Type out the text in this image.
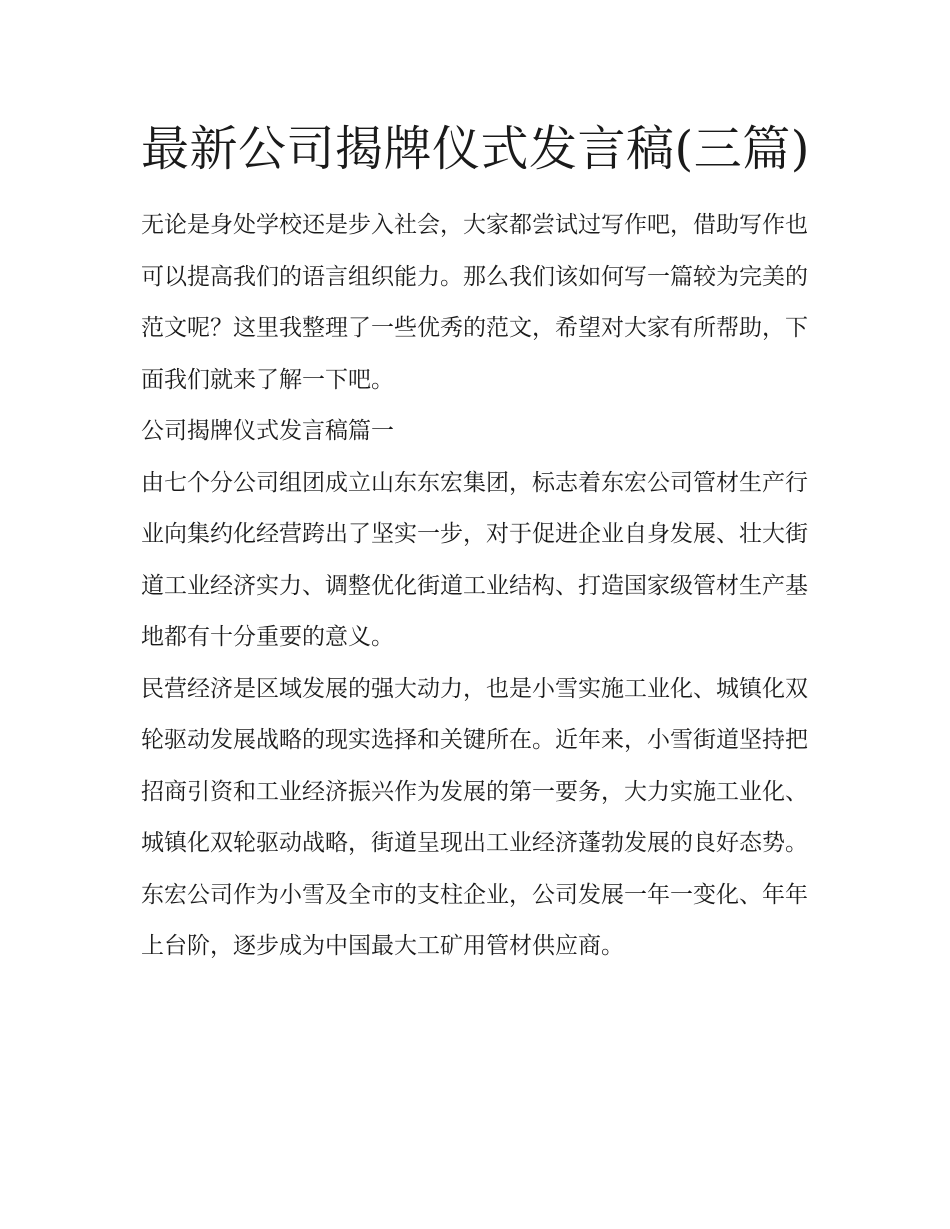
最新公司揭牌仪式发言稿(三篇)

无论是身处学校还是步入社会，大家都尝试过写作吧，借助写作也可以提高我们的语言组织能力。那么我们该如何写一篇较为完美的范文呢？这里我整理了一些优秀的范文，希望对大家有所帮助，下面我们就来了解一下吧。

公司揭牌仪式发言稿篇一

由七个分公司组团成立山东东宏集团，标志着东宏公司管材生产行业向集约化经营跨出了坚实一步，对于促进企业自身发展、壮大街道工业经济实力、调整优化街道工业结构、打造国家级管材生产基地都有十分重要的意义。

民营经济是区域发展的强大动力，也是小雪实施工业化、城镇化双轮驱动发展战略的现实选择和关键所在。近年来，小雪街道坚持把招商引资和工业经济振兴作为发展的第一要务，大力实施工业化、城镇化双轮驱动战略，街道呈现出工业经济蓬勃发展的良好态势。东宏公司作为小雪及全市的支柱企业，公司发展一年一变化、年年上台阶，逐步成为中国最大工矿用管材供应商。
